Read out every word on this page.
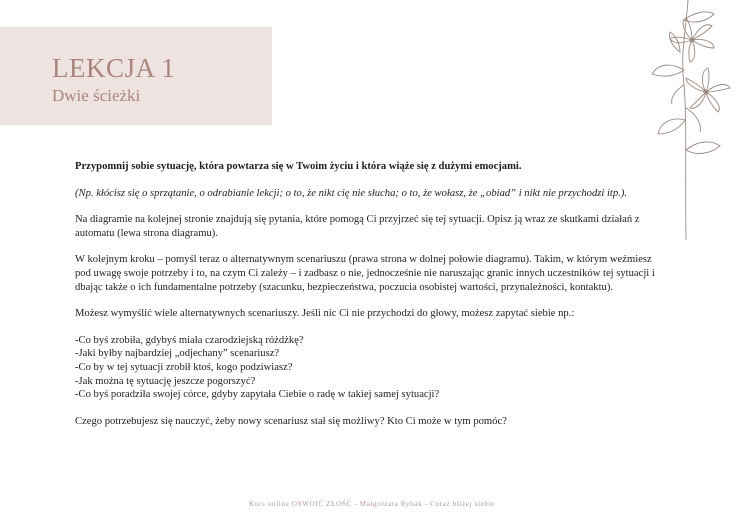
LEKCJA 1
Dwie ścieżki

Przypomnij sobie sytuację, która powtarza się w Twoim życiu i która wiąże się z dużymi emocjami.

(Np. kłócisz się o sprzątanie, o odrabianie lekcji; o to, że nikt cię nie słucha; o to, że wołasz, że „obiad” i nikt nie przychodzi itp.).

Na diagramie na kolejnej stronie znajdują się pytania, które pomogą Ci przyjrzeć się tej sytuacji. Opisz ją wraz ze skutkami działań z automatu (lewa strona diagramu).

W kolejnym kroku – pomyśl teraz o alternatywnym scenariuszu (prawa strona w dolnej połowie diagramu). Takim, w którym weźmiesz pod uwagę swoje potrzeby i to, na czym Ci zależy – i zadbasz o nie, jednocześnie nie naruszając granic innych uczestników tej sytuacji i dbając także o ich fundamentalne potrzeby (szacunku, bezpieczeństwa, poczucia osobistej wartości, przynależności, kontaktu).

Możesz wymyślić wiele alternatywnych scenariuszy. Jeśli nic Ci nie przychodzi do głowy, możesz zapytać siebie np.:

-Co byś zrobiła, gdybyś miała czarodziejską różdżkę?

-Jaki byłby najbardziej „odjechany” scenariusz?

-Co by w tej sytuacji zrobił ktoś, kogo podziwiasz?

-Jak można tę sytuację jeszcze pogorszyć?

-Co byś poradziła swojej córce, gdyby zapytała Ciebie o radę w takiej samej sytuacji?

Czego potrzebujesz się nauczyć, żeby nowy scenariusz stał się możliwy? Kto Ci może w tym pomóc?

Kurs online OSWOIĆ ZŁOŚĆ - Małgorzata Rybak - Coraz bliżej siebie
